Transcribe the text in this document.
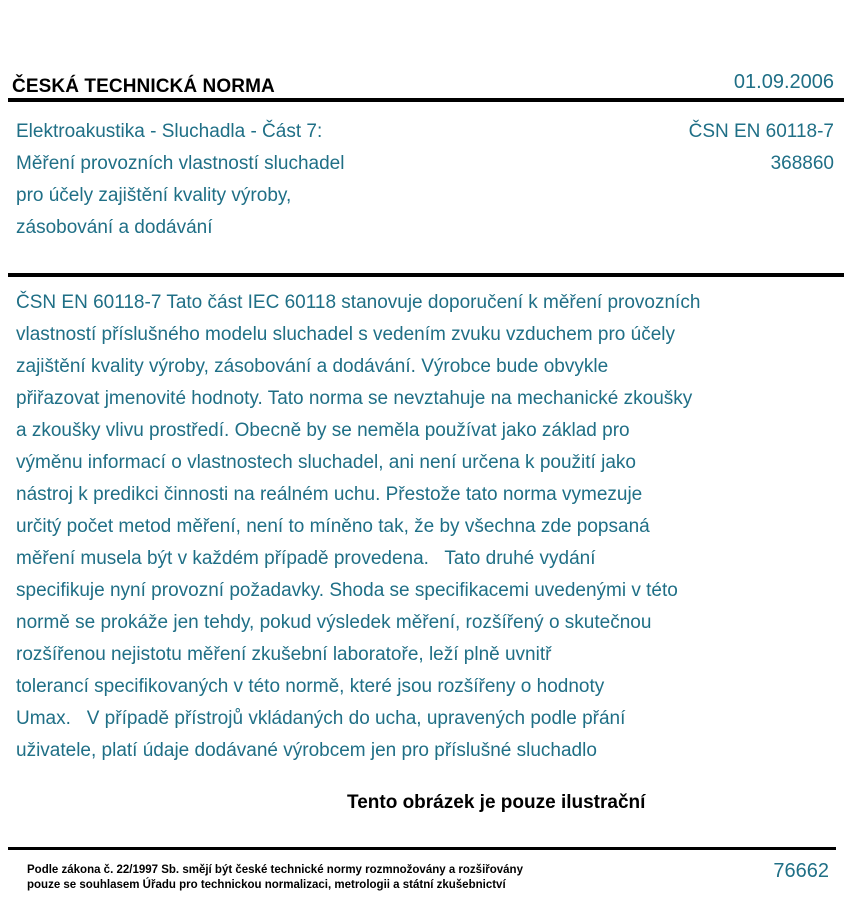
ČESKÁ TECHNICKÁ NORMA	01.09.2006
Elektroakustika - Sluchadla - Část 7:
Měření provozních vlastností sluchadel
pro účely zajištění kvality výroby,
zásobování a dodávání
ČSN EN 60118-7
368860
ČSN EN 60118-7 Tato část IEC 60118 stanovuje doporučení k měření provozních
vlastností příslušného modelu sluchadel s vedením zvuku vzduchem pro účely
zajištění kvality výroby, zásobování a dodávání. Výrobce bude obvykle
přiřazovat jmenovité hodnoty. Tato norma se nevztahuje na mechanické zkoušky
a zkoušky vlivu prostředí. Obecně by se neměla používat jako základ pro
výměnu informací o vlastnostech sluchadel, ani není určena k použití jako
nástroj k predikci činnosti na reálném uchu. Přestože tato norma vymezuje
určitý počet metod měření, není to míněno tak, že by všechna zde popsaná
měření musela být v každém případě provedena.   Tato druhé vydání
specifikuje nyní provozní požadavky. Shoda se specifikacemi uvedenými v této
normě se prokáže jen tehdy, pokud výsledek měření, rozšířený o skutečnou
rozšířenou nejistotu měření zkušební laboratoře, leží plně uvnitř
tolerancí specifikovaných v této normě, které jsou rozšířeny o hodnoty
Umax.   V případě přístrojů vkládaných do ucha, upravených podle přání
uživatele, platí údaje dodávané výrobcem jen pro příslušné sluchadlo
Tento obrázek je pouze ilustrační
Podle zákona č. 22/1997 Sb. smějí být české technické normy rozmnožovány a rozšiřovány
pouze se souhlasem Úřadu pro technickou normalizaci, metrologii a státní zkušebnictví
76662
